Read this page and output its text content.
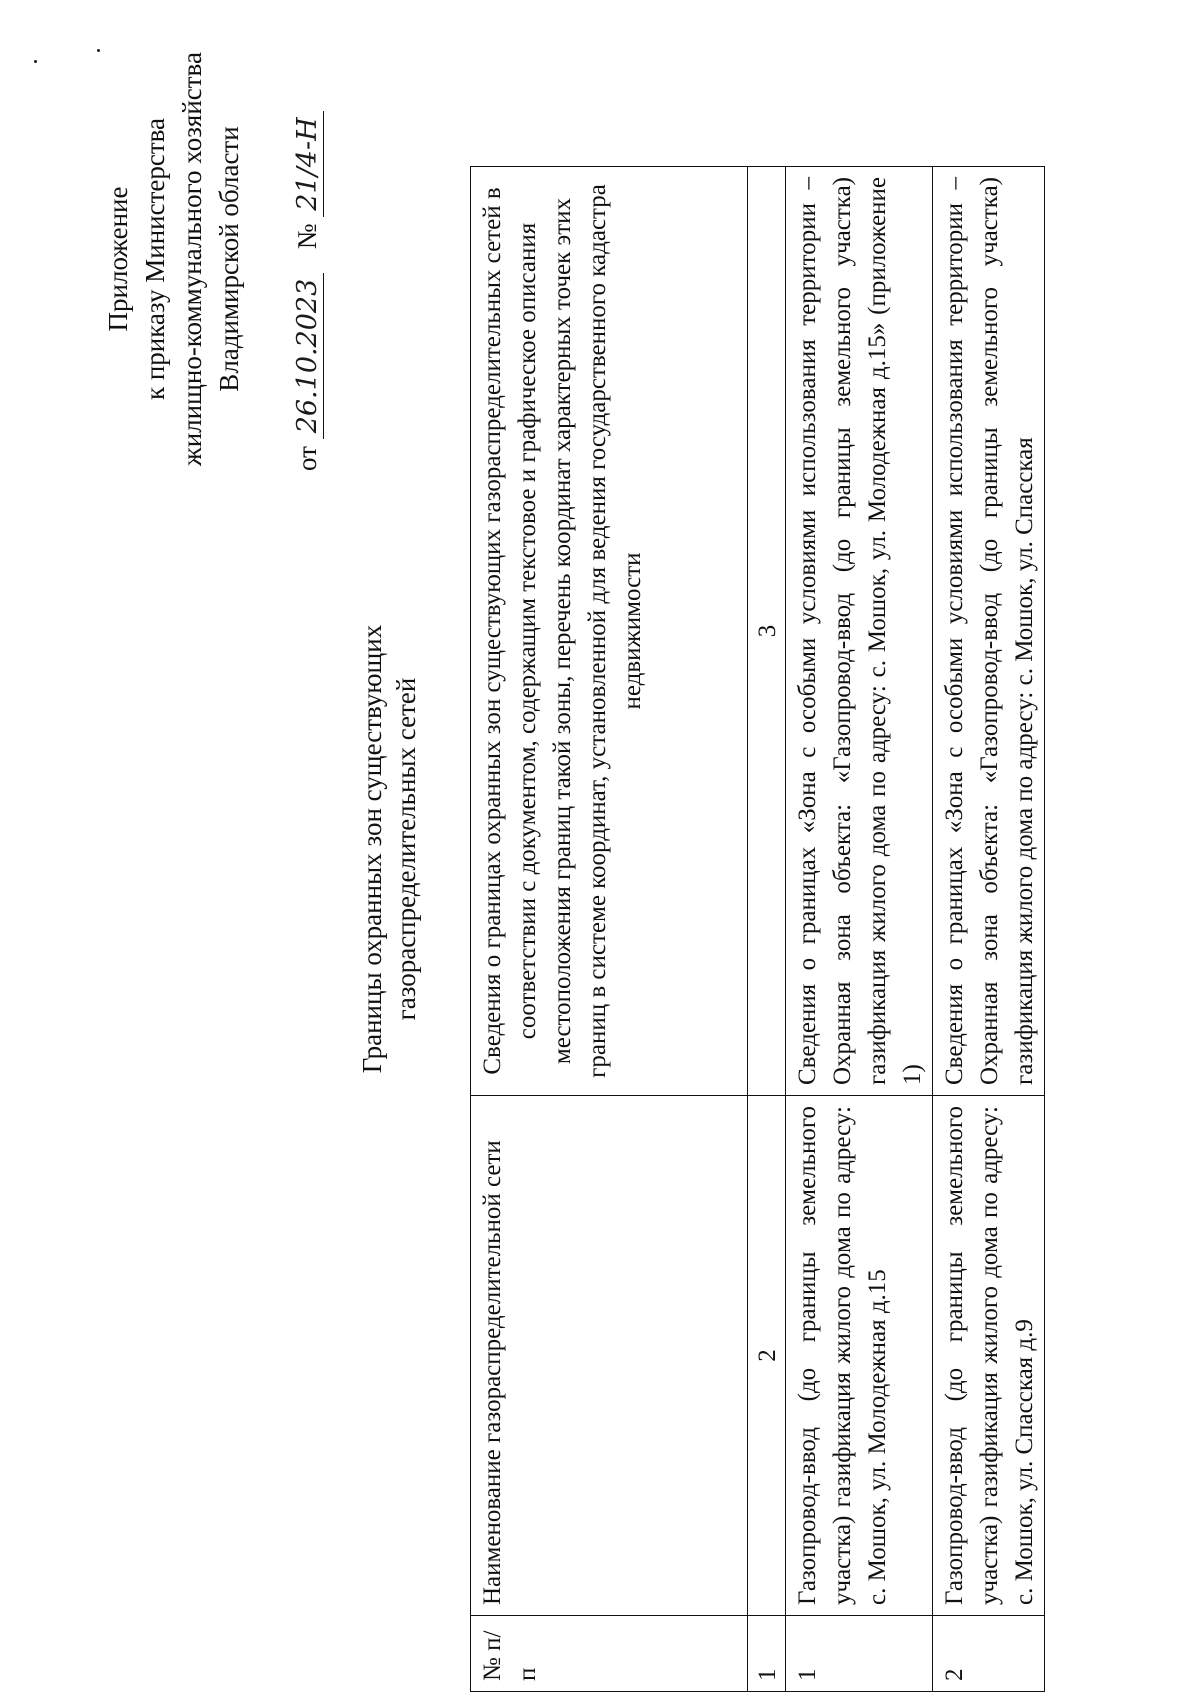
Приложение к приказу Министерства жилищно-коммунального хозяйства Владимирской области
от 26.10.2023  № 21/4-Н
Границы охранных зон существующих газораспределительных сетей
№ п/п	Наименование газораспределительной сети	Сведения о границах охранных зон существующих газораспределительных сетей в соответствии с документом, содержащим текстовое и графическое описания местоположения границ такой зоны, перечень координат характерных точек этих границ в системе координат, установленной для ведения государственного кадастра недвижимости
1	2	3
1	Газопровод-ввод (до границы земельного участка) газификация жилого дома по адресу: с. Мошок, ул. Молодежная д.15	Сведения о границах «Зона с особыми условиями использования территории – Охранная зона объекта: «Газопровод-ввод (до границы земельного участка) газификация жилого дома по адресу: с. Мошок, ул. Молодежная д.15» (приложение 1)
2	Газопровод-ввод (до границы земельного участка) газификация жилого дома по адресу: с. Мошок, ул. Спасская д.9	Сведения о границах «Зона с особыми условиями использования территории – Охранная зона объекта: «Газопровод-ввод (до границы земельного участка) газификация жилого дома по адресу: с. Мошок, ул. Спасская
